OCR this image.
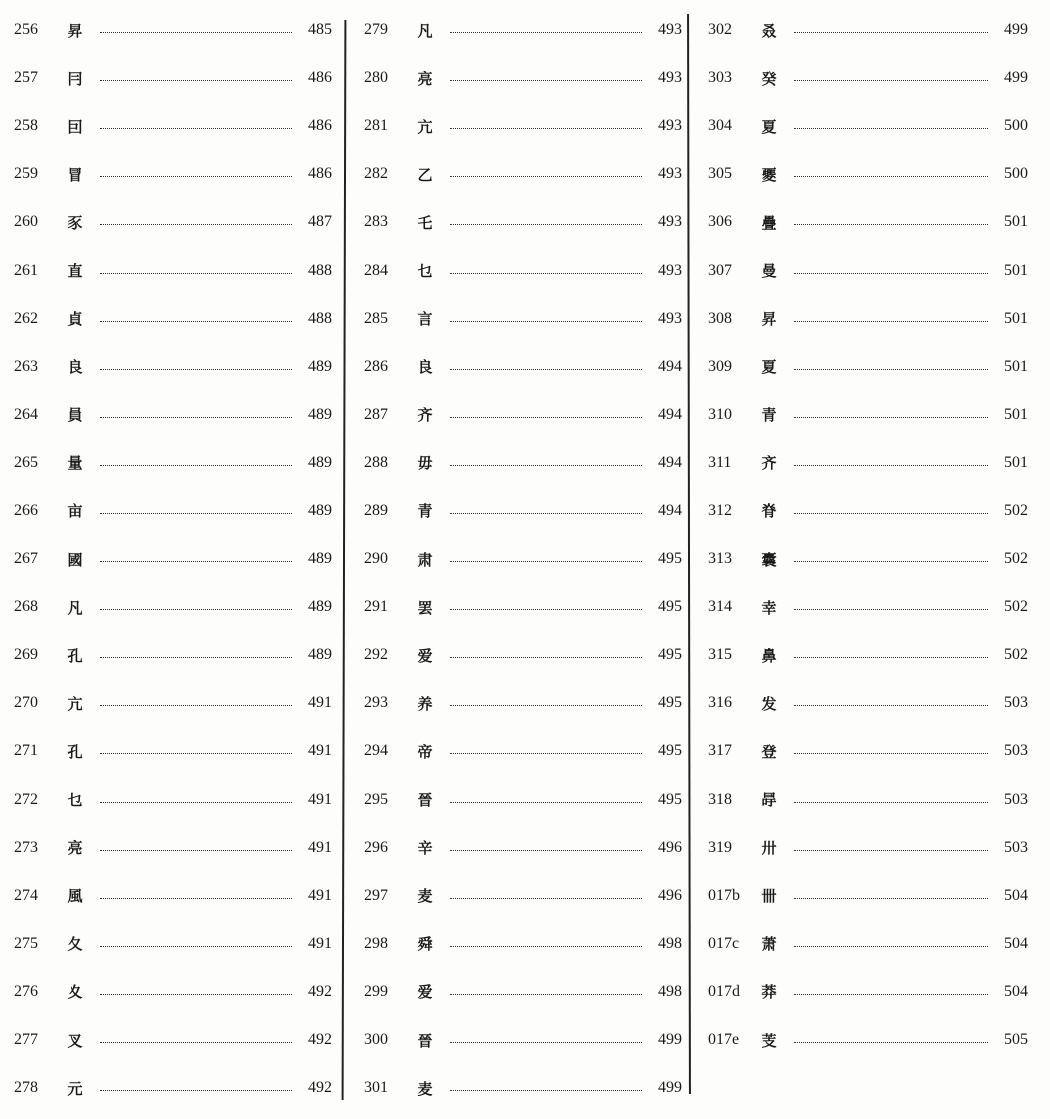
256	昇	485
257	冃	486
258	囙	486
259	冒	486
260	豕	487
261	直	488
262	貞	488
263	良	489
264	員	489
265	量	489
266	亩	489
267	國	489
268	凡	489
269	孔	489
270	亢	491
271	孔	491
272	乜	491
273	亮	491
274	風	491
275	夂	491
276	夊	492
277	叉	492
278	元	492
279	凡	493
280	亮	493
281	亢	493
282	乙	493
283	乇	493
284	乜	493
285	言	493
286	良	494
287	齐	494
288	毋	494
289	青	494
290	肃	495
291	罢	495
292	爱	495
293	养	495
294	帝	495
295	晉	495
296	辛	496
297	麦	496
298	舜	498
299	爱	498
300	晉	499
301	麦	499
302	叒	499
303	癸	499
304	夏	500
305	夒	500
306	疊	501
307	曼	501
308	昇	501
309	夏	501
310	青	501
311	齐	501
312	脊	502
313	囊	502
314	幸	502
315	鼻	502
316	发	503
317	登	503
318	冔	503
319	卅	503
017b	卌	504
017c	萧	504
017d	莽	504
017e	芰	505
